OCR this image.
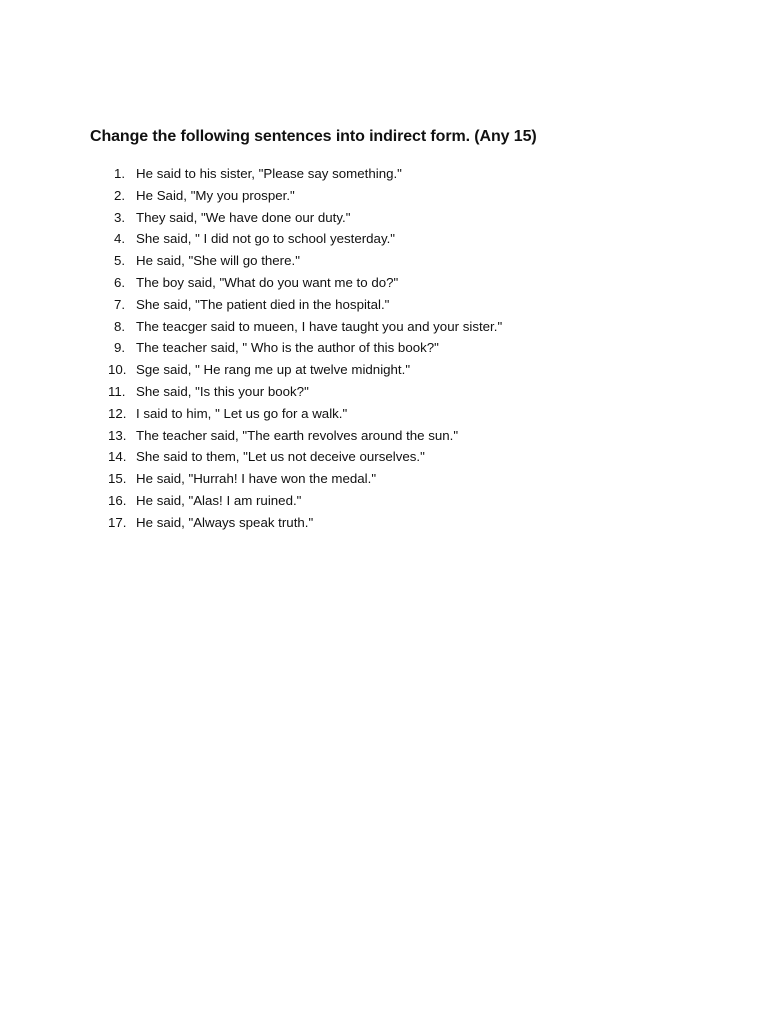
Change the following sentences into indirect form. (Any 15)
1. He said to his sister, "Please say something."
2. He Said, "My you prosper."
3. They said, "We have done our duty."
4. She said, " I did not go to school yesterday."
5. He said, "She will go there."
6. The boy said, "What do you want me to do?"
7. She said, "The patient died in the hospital."
8. The teacger said to mueen, I have taught you and your sister."
9. The teacher said, " Who is the author of this book?"
10. Sge said, " He rang me up at twelve midnight."
11. She said, "Is this your book?"
12. I said to him, " Let us go for a walk."
13. The teacher said, "The earth revolves around the sun."
14. She said to them, "Let us not deceive ourselves."
15. He said, "Hurrah! I have won the medal."
16. He said, "Alas! I am ruined."
17. He said, "Always speak truth."
